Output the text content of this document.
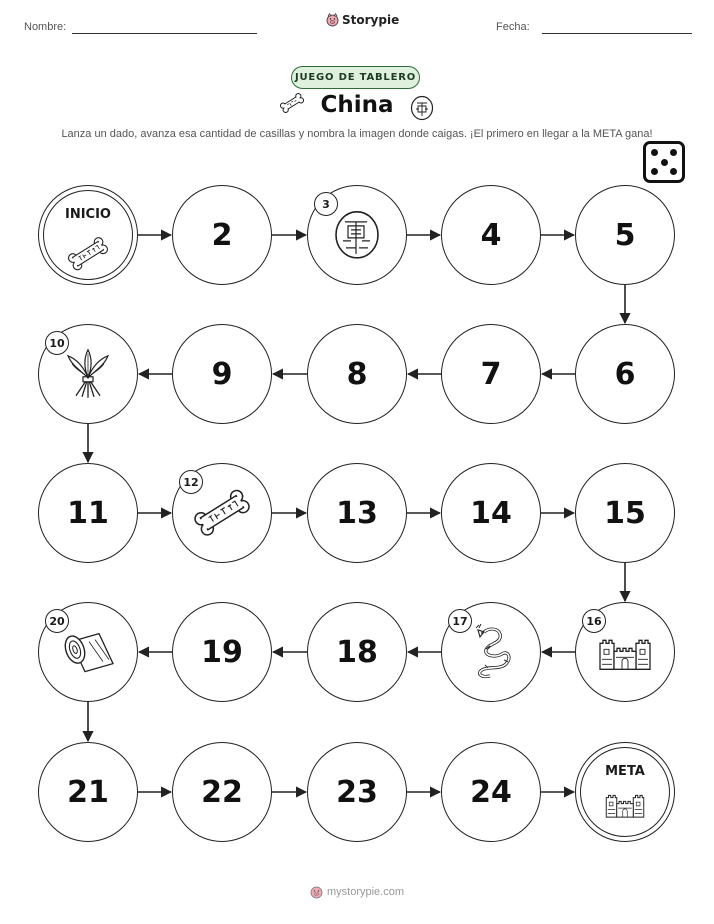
Nombre:	Storypie	Fecha:
JUEGO DE TABLERO
China
Lanza un dado, avanza esa cantidad de casillas y nombra la imagen donde caigas. ¡El primero en llegar a la META gana!
INICIO
2
3
4	5
6
7
8
9
10
11
12
13	14	15
16
17
18
19
20
21	22	23	24
META
mystorypie.com
